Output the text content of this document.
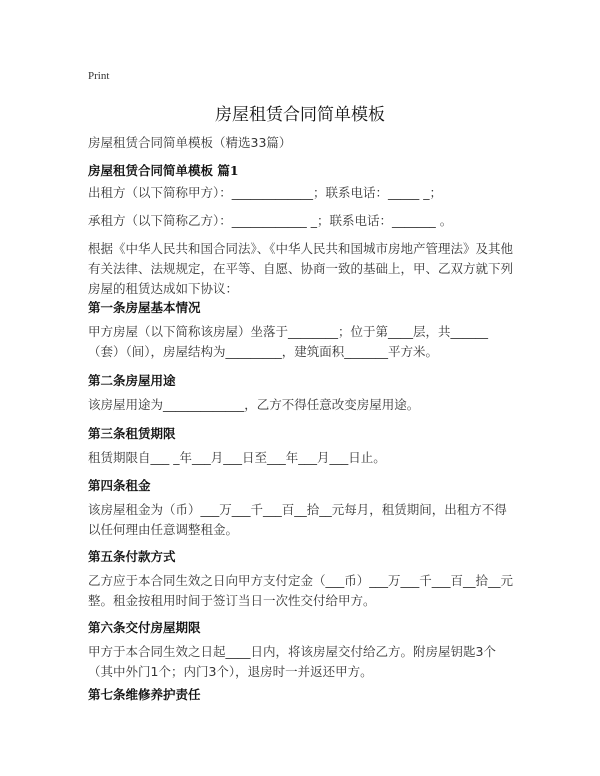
Print
房屋租赁合同简单模板
房屋租赁合同简单模板（精选33篇）
房屋租赁合同简单模板 篇1
出租方（以下简称甲方）：_____________；联系电话：_____ _；
承租方（以下简称乙方）：____________ _；联系电话：_______ 。
根据《中华人民共和国合同法》、《中华人民共和国城市房地产管理法》及其他有关法律、法规规定，在平等、自愿、协商一致的基础上，甲、乙双方就下列房屋的租赁达成如下协议：
第一条房屋基本情况
甲方房屋（以下简称该房屋）坐落于________；位于第____层，共______（套）（间），房屋结构为_________，建筑面积_______平方米。
第二条房屋用途
该房屋用途为_____________，乙方不得任意改变房屋用途。
第三条租赁期限
租赁期限自___ _年___月___日至___年___月___日止。
第四条租金
该房屋租金为（币）___万___千___百__拾__元每月，租赁期间，出租方不得以任何理由任意调整租金。
第五条付款方式
乙方应于本合同生效之日向甲方支付定金（___币）___万___千___百__拾__元整。租金按租用时间于签订当日一次性交付给甲方。
第六条交付房屋期限
甲方于本合同生效之日起____日内，将该房屋交付给乙方。附房屋钥匙3个（其中外门1个；内门3个），退房时一并返还甲方。
第七条维修养护责任
